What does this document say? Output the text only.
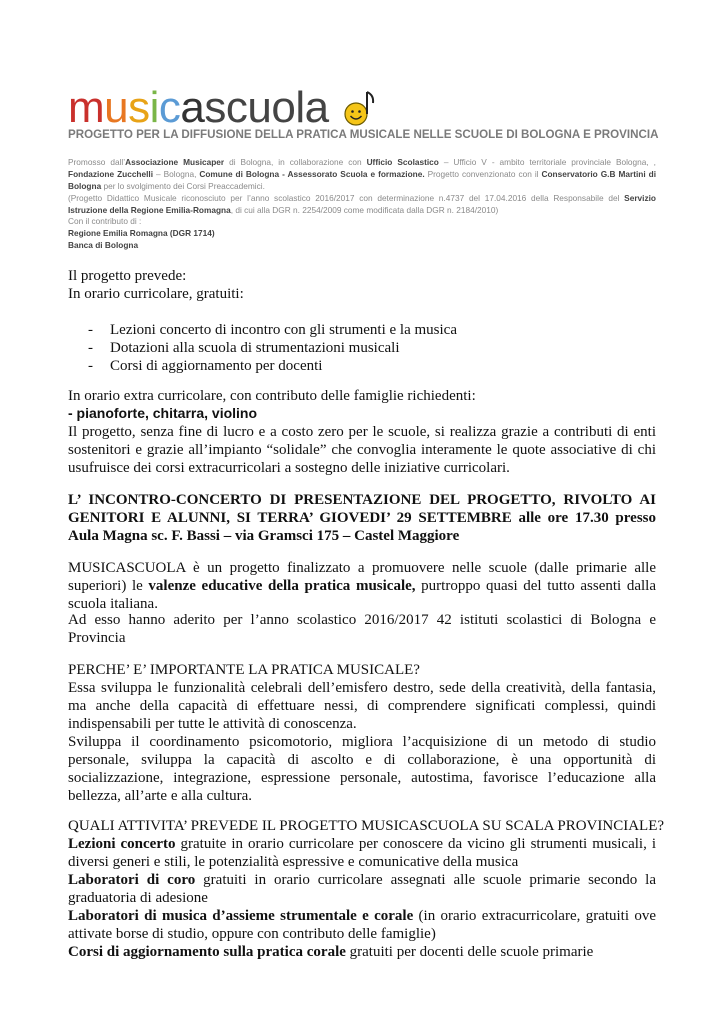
musicascuola
PROGETTO PER LA DIFFUSIONE DELLA PRATICA MUSICALE NELLE SCUOLE DI BOLOGNA E PROVINCIA
Promosso dall’Associazione Musicaper di Bologna, in collaborazione con Ufficio Scolastico – Ufficio V - ambito territoriale provinciale Bologna, , Fondazione Zucchelli – Bologna, Comune di Bologna - Assessorato Scuola e formazione. Progetto convenzionato con il Conservatorio G.B Martini di Bologna per lo svolgimento dei Corsi Preaccademici.
(Progetto Didattico Musicale riconosciuto per l’anno scolastico 2016/2017 con determinazione n.4737 del 17.04.2016 della Responsabile del Servizio Istruzione della Regione Emilia-Romagna, di cui alla DGR n. 2254/2009 come modificata dalla DGR n. 2184/2010)
Con il contributo di :
Regione Emilia Romagna (DGR 1714)
Banca di Bologna
Il progetto prevede:
In orario curricolare, gratuiti:
- Lezioni concerto di incontro con gli strumenti e la musica
- Dotazioni alla scuola di strumentazioni musicali
- Corsi di aggiornamento per docenti
In orario extra curricolare, con contributo delle famiglie richiedenti:
- pianoforte, chitarra, violino
Il progetto, senza fine di lucro e a costo zero per le scuole, si realizza grazie a contributi di enti sostenitori e grazie all’impianto “solidale” che convoglia interamente le quote associative di chi usufruisce dei corsi extracurricolari a sostegno delle iniziative curricolari.
L’ INCONTRO-CONCERTO DI PRESENTAZIONE DEL PROGETTO, RIVOLTO AI GENITORI E ALUNNI, SI TERRA’ GIOVEDI’ 29 SETTEMBRE alle ore 17.30 presso Aula Magna sc. F. Bassi – via Gramsci 175 – Castel Maggiore
MUSICASCUOLA è un progetto finalizzato a promuovere nelle scuole (dalle primarie alle superiori) le valenze educative della pratica musicale, purtroppo quasi del tutto assenti dalla scuola italiana.
Ad esso hanno aderito per l’anno scolastico 2016/2017 42 istituti scolastici di Bologna e Provincia
PERCHE’ E’ IMPORTANTE LA PRATICA MUSICALE?
Essa sviluppa le funzionalità celebrali dell’emisfero destro, sede della creatività, della fantasia, ma anche della capacità di effettuare nessi, di comprendere significati complessi, quindi indispensabili per tutte le attività di conoscenza.
Sviluppa il coordinamento psicomotorio, migliora l’acquisizione di un metodo di studio personale, sviluppa la capacità di ascolto e di collaborazione, è una opportunità di socializzazione, integrazione, espressione personale, autostima, favorisce l’educazione alla bellezza, all’arte e alla cultura.
QUALI ATTIVITA’ PREVEDE IL PROGETTO MUSICASCUOLA SU SCALA PROVINCIALE?
Lezioni concerto gratuite in orario curricolare per conoscere da vicino gli strumenti musicali, i diversi generi e stili, le potenzialità espressive e comunicative della musica
Laboratori di coro gratuiti in orario curricolare assegnati alle scuole primarie secondo la graduatoria di adesione
Laboratori di musica d’assieme strumentale e corale (in orario extracurricolare, gratuiti ove attivate borse di studio, oppure con contributo delle famiglie)
Corsi di aggiornamento sulla pratica corale gratuiti per docenti delle scuole primarie
